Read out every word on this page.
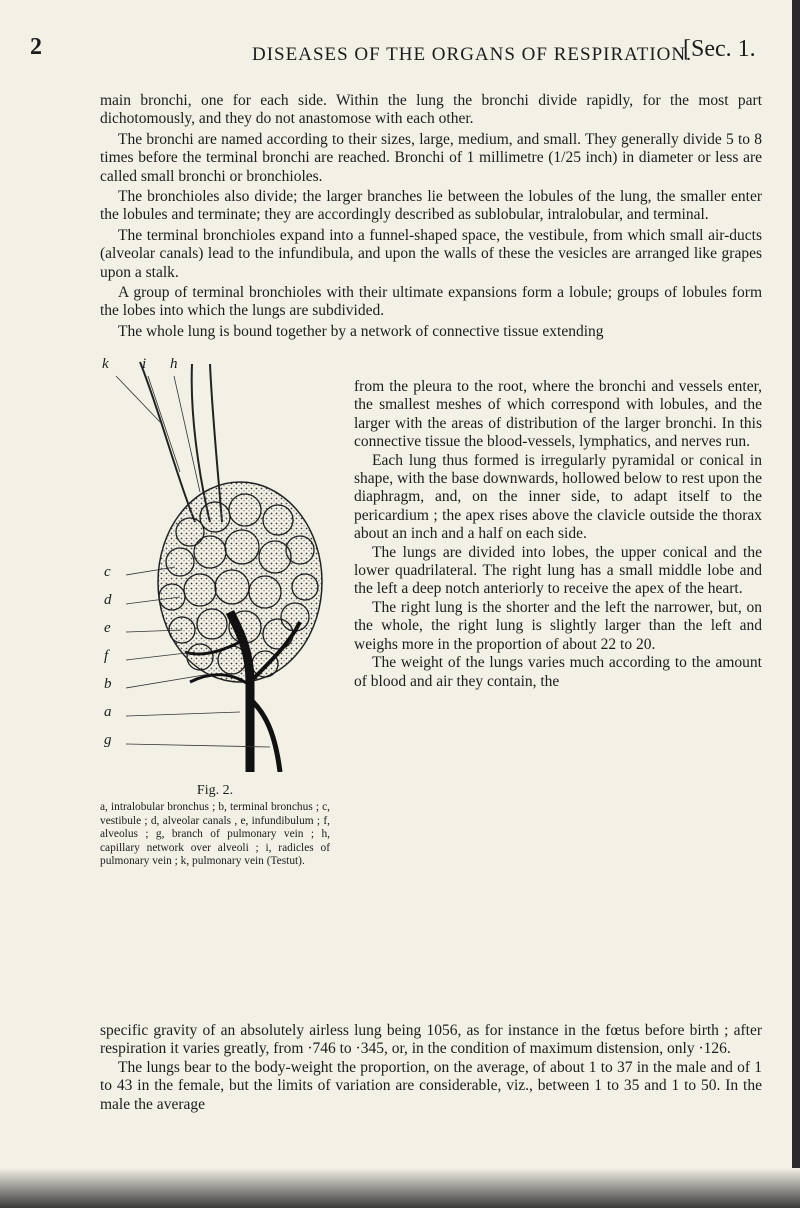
2	DISEASES OF THE ORGANS OF RESPIRATION.
[Sec. 1.

main bronchi, one for each side. Within the lung the bronchi divide rapidly, for the most part dichotomously, and they do not anastomose with each other.

The bronchi are named according to their sizes, large, medium, and small. They generally divide 5 to 8 times before the terminal bronchi are reached. Bronchi of 1 millimetre (1/25 inch) in diameter or less are called small bronchi or bronchioles.

The bronchioles also divide; the larger branches lie between the lobules of the lung, the smaller enter the lobules and terminate; they are accordingly described as sublobular, intralobular, and terminal.

The terminal bronchioles expand into a funnel-shaped space, the vestibule, from which small air-ducts (alveolar canals) lead to the infundibula, and upon the walls of these the vesicles are arranged like grapes upon a stalk.

A group of terminal bronchioles with their ultimate expansions form a lobule; groups of lobules form the lobes into which the lungs are subdivided.

The whole lung is bound together by a network of connective tissue extending

k i h
c
d
e
f
b
a
g
Fig. 2.
a, intralobular bronchus ; b, terminal bronchus ; c, vestibule ; d, alveolar canals , e, infundibulum ; f, alveolus ; g, branch of pulmonary vein ; h, capillary network over alveoli ; i, radicles of pulmonary vein ; k, pulmonary vein (Testut).

from the pleura to the root, where the bronchi and vessels enter, the smallest meshes of which correspond with lobules, and the larger with the areas of distribution of the larger bronchi. In this connective tissue the blood-vessels, lymphatics, and nerves run.

Each lung thus formed is irregularly pyramidal or conical in shape, with the base downwards, hollowed below to rest upon the diaphragm, and, on the inner side, to adapt itself to the pericardium ; the apex rises above the clavicle outside the thorax about an inch and a half on each side.

The lungs are divided into lobes, the upper conical and the lower quadrilateral. The right lung has a small middle lobe and the left a deep notch anteriorly to receive the apex of the heart.

The right lung is the shorter and the left the narrower, but, on the whole, the right lung is slightly larger than the left and weighs more in the proportion of about 22 to 20.

The weight of the lungs varies much according to the amount of blood and air they contain, the

specific gravity of an absolutely airless lung being 1056, as for instance in the fœtus before birth ; after respiration it varies greatly, from ·746 to ·345, or, in the condition of maximum distension, only ·126.

The lungs bear to the body-weight the proportion, on the average, of about 1 to 37 in the male and of 1 to 43 in the female, but the limits of variation are considerable, viz., between 1 to 35 and 1 to 50. In the male the average
